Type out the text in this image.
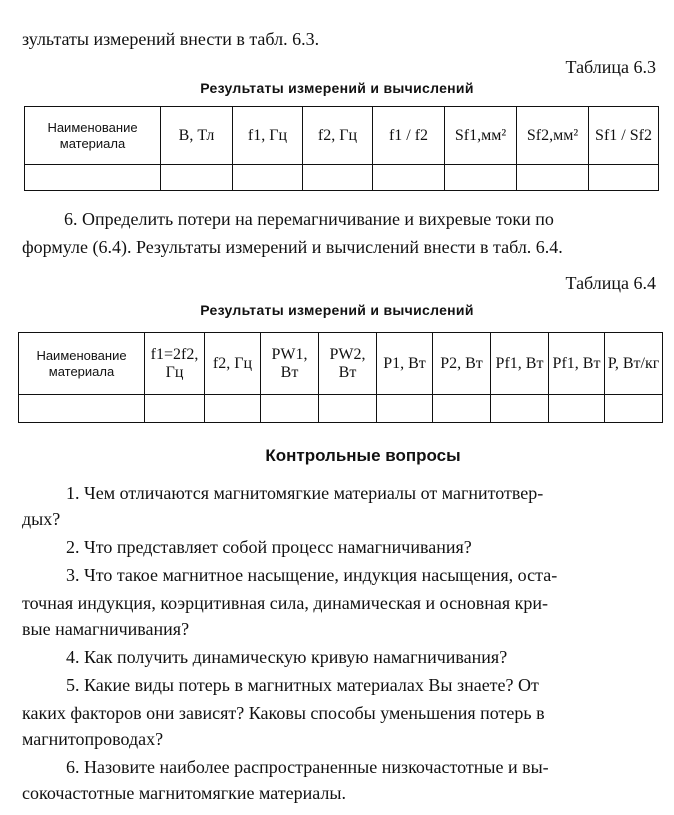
зультаты измерений внести в табл. 6.3.
Таблица 6.3
Результаты измерений и вычислений
Наименование материала	B, Тл	f1, Гц	f2, Гц	f1 / f2	Sf1,мм²	Sf2,мм²	Sf1 / Sf2

6. Определить потери на перемагничивание и вихревые токи по
формуле (6.4). Результаты измерений и вычислений внести в табл. 6.4.
Таблица 6.4
Результаты измерений и вычислений
Наименование материала	f1=2f2, Гц	f2, Гц	PW1, Вт	PW2, Вт	P1, Вт	P2, Вт	Pf1, Вт	Pf1, Вт	P, Вт/кг

Контрольные вопросы
1. Чем отличаются магнитомягкие материалы от магнитотвер-
дых?
2. Что представляет собой процесс намагничивания?
3. Что такое магнитное насыщение, индукция насыщения, оста-
точная индукция, коэрцитивная сила, динамическая и основная кри-
вые намагничивания?
4. Как получить динамическую кривую намагничивания?
5. Какие виды потерь в магнитных материалах Вы знаете? От
каких факторов они зависят? Каковы способы уменьшения потерь в
магнитопроводах?
6. Назовите наиболее распространенные низкочастотные и вы-
сокочастотные магнитомягкие материалы.
